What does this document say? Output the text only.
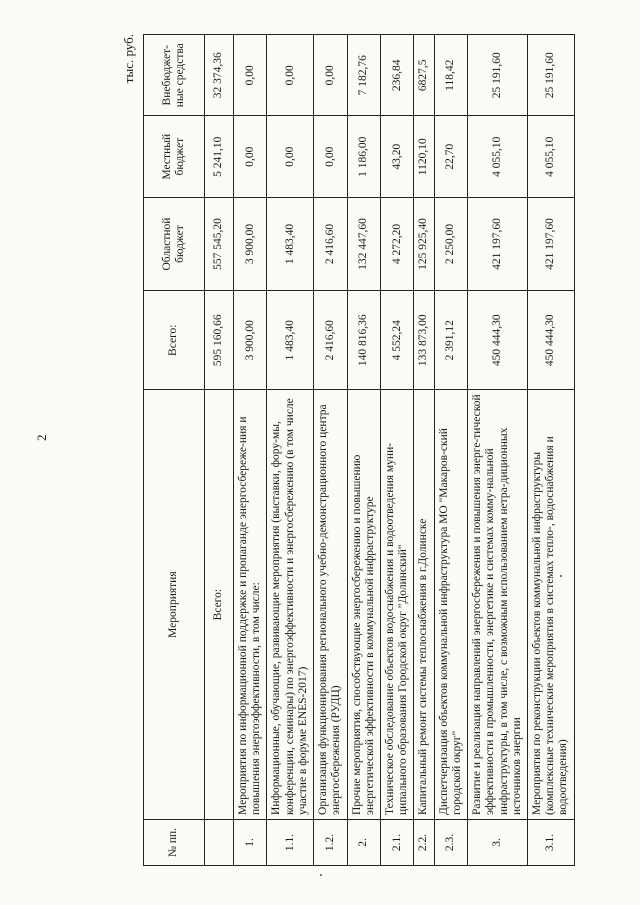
2
тыс. руб.
№ пп.	Мероприятия	Всего:	Областной бюджет	Местный бюджет	Внебюджет-ные средства
	Всего:	595 160,66	557 545,20	5 241,10	32 374,36
1.	Мероприятия по информационной поддержке и пропаганде энергосбереже-ния и повышения энергоэффективности, в том числе:	3 900,00	3 900,00	0,00	0,00
1.1.	Информационные, обучающие, развивающие мероприятия (выставки, фору-мы, конференции, семинары) по энергоэффективности и энергосбережению (в том числе участие в форуме ENES-2017)	1 483,40	1 483,40	0,00	0,00
1.2.	Организация функционирования регионального учебно-демонстрационного центра энергосбережения (РУДЦ)	2 416,60	2 416,60	0,00	0,00
2.	Прочие мероприятия, способствующие энергосбережению и повышению энергетической эффективности в коммунальной инфраструктуре	140 816,36	132 447,60	1 186,00	7 182,76
2.1.	Техническое обследование объектов водоснабжения и водоотведения муни-ципального образования Городской округ "Долинский"	4 552,24	4 272,20	43,20	236,84
2.2.	Капитальный ремонт системы теплоснабжения в г.Долинске	133 873,00	125 925,40	1120,10	6827,5
2.3.	Диспетчеризация объектов коммунальной инфраструктура МО "Макаров-ский городской округ"	2 391,12	2 250,00	22,70	118,42
3.	Развитие и реализация направлений энергосбережения и повышения энерге-тической эффективности в промышленности, энергетике и системах комму-нальной инфраструктуры, в том числе, с возможным использованием нетра-диционных источников энергии	450 444,30	421 197,60	4 055,10	25 191,60
3.1.	Мероприятия по реконструкции объектов коммунальной инфраструктуры (комплексные технические мероприятия в системах тепло-, водоснабжения и водоотведения)	450 444,30	421 197,60	4 055,10	25 191,60
